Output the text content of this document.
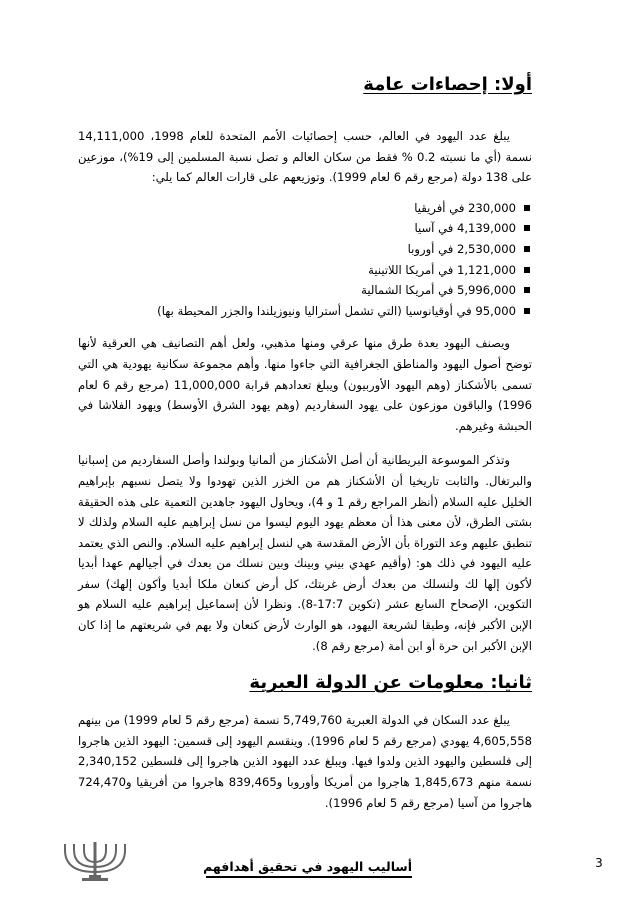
أولا: إحصاءات عامة

يبلغ عدد اليهود في العالم، حسب إحصائيات الأمم المتحدة للعام 1998، 14,111,000 نسمة (أي ما نسبته 0.2 % فقط من سكان العالم و تصل نسبة المسلمين إلى 19%)، موزعين على 138 دولة (مرجع رقم 6 لعام 1999). وتوزيعهم على قارات العالم كما يلي:

230,000 في أفريقيا
4,139,000 في آسيا
2,530,000 في أوروبا
1,121,000 في أمريكا اللاتينية
5,996,000 في أمريكا الشمالية
95,000 في أوقيانوسيا (التي تشمل أستراليا ونيوزيلندا والجزر المحيطة بها)

ويصنف اليهود بعدة طرق منها عرقي ومنها مذهبي، ولعل أهم التصانيف هي العرقية لأنها توضح أصول اليهود والمناطق الجغرافية التي جاءوا منها. وأهم مجموعة سكانية يهودية هي التي تسمى بالأشكناز (وهم اليهود الأوربيون) ويبلغ تعدادهم قرابة 11,000,000 (مرجع رقم 6 لعام 1996) والباقون موزعون على يهود السفارديم (وهم يهود الشرق الأوسط) ويهود الفلاشا في الحبشة وغيرهم.

وتذكر الموسوعة البريطانية أن أصل الأشكناز من ألمانيا وبولندا وأصل السفارديم من إسبانيا والبرتغال. والثابت تاريخيا أن الأشكناز هم من الخزر الذين تهودوا ولا يتصل نسبهم بإبراهيم الخليل عليه السلام (أنظر المراجع رقم 1 و 4)، ويحاول اليهود جاهدين التعمية على هذه الحقيقة بشتى الطرق، لأن معنى هذا أن معظم يهود اليوم ليسوا من نسل إبراهيم عليه السلام ولذلك لا تنطبق عليهم وعد التوراة بأن الأرض المقدسة هي لنسل إبراهيم عليه السلام. والنص الذي يعتمد عليه اليهود في ذلك هو: (وأقيم عهدي بيني وبينك وبين نسلك من بعدك في أجيالهم عهدا أبديا لأكون إلها لك ولنسلك من بعدك أرض غربتك، كل أرض كنعان ملكا أبديا وأكون إلهك) سفر التكوين، الإصحاح السابع عشر (تكوين 17:7-8). ونظرا لأن إسماعيل إبراهيم عليه السلام هو الإبن الأكبر فإنه، وطبقا لشريعة اليهود، هو الوارث لأرض كنعان ولا يهم في شريعتهم ما إذا كان الإبن الأكبر ابن حرة أو ابن أمة (مرجع رقم 8).

ثانيا: معلومات عن الدولة العبرية

يبلغ عدد السكان في الدولة العبرية 5,749,760 نسمة (مرجع رقم 5 لعام 1999) من بينهم 4,605,558 يهودي (مرجع رقم 5 لعام 1996). وينقسم اليهود إلى قسمين: اليهود الذين هاجروا إلى فلسطين واليهود الذين ولدوا فيها. ويبلغ عدد اليهود الذين هاجروا إلى فلسطين 2,340,152 نسمة منهم 1,845,673 هاجروا من أمريكا وأوروبا و839,465 هاجروا من أفريقيا و724,470 هاجروا من آسيا (مرجع رقم 5 لعام 1996).

أساليب اليهود في تحقيق أهدافهم	3
